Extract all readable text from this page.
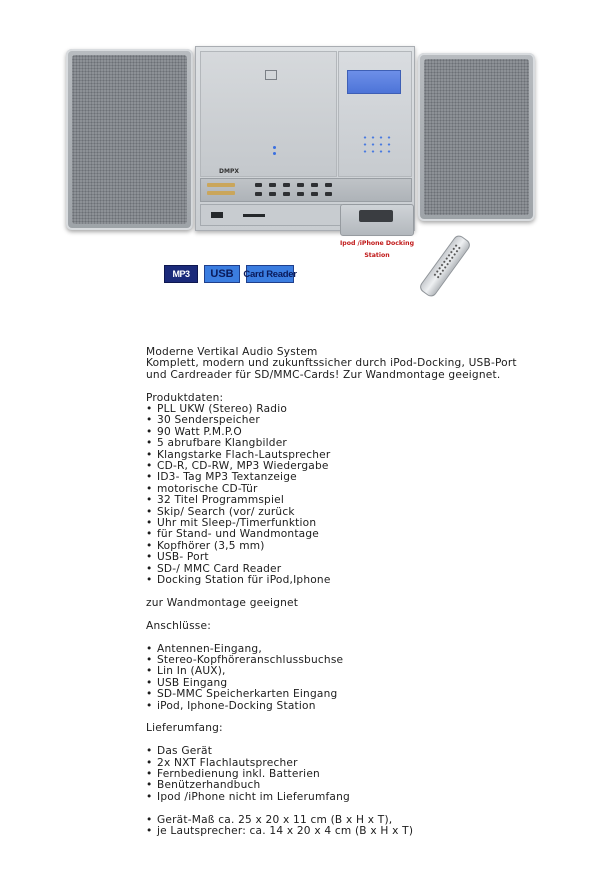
DMPX
Ipod /iPhone Docking
Station
MP3	USB	Card Reader

Moderne Vertikal Audio System

Komplett, modern und zukunftssicher durch iPod-Docking, USB-Port

und Cardreader für SD/MMC-Cards! Zur Wandmontage geeignet.

Produktdaten:

• PLL UKW (Stereo) Radio
• 30 Senderspeicher
• 90 Watt P.M.P.O
• 5 abrufbare Klangbilder
• Klangstarke Flach-Lautsprecher
• CD-R, CD-RW, MP3 Wiedergabe
• ID3- Tag MP3 Textanzeige
• motorische CD-Tür
• 32 Titel Programmspiel
• Skip/ Search (vor/ zurück
• Uhr mit Sleep-/Timerfunktion
• für Stand- und Wandmontage
• Kopfhörer (3,5 mm)
• USB- Port
• SD-/ MMC Card Reader
• Docking Station für iPod,Iphone

zur Wandmontage geeignet

Anschlüsse:

• Antennen-Eingang,
• Stereo-Kopfhöreranschlussbuchse
• Lin In (AUX),
• USB Eingang
• SD-MMC Speicherkarten Eingang
• iPod, Iphone-Docking Station

Lieferumfang:

• Das Gerät
• 2x NXT Flachlautsprecher
• Fernbedienung inkl. Batterien
• Benützerhandbuch
• Ipod /iPhone nicht im Lieferumfang
• Gerät-Maß ca. 25 x 20 x 11 cm (B x H x T),
• je Lautsprecher: ca. 14 x 20 x 4 cm (B x H x T)
